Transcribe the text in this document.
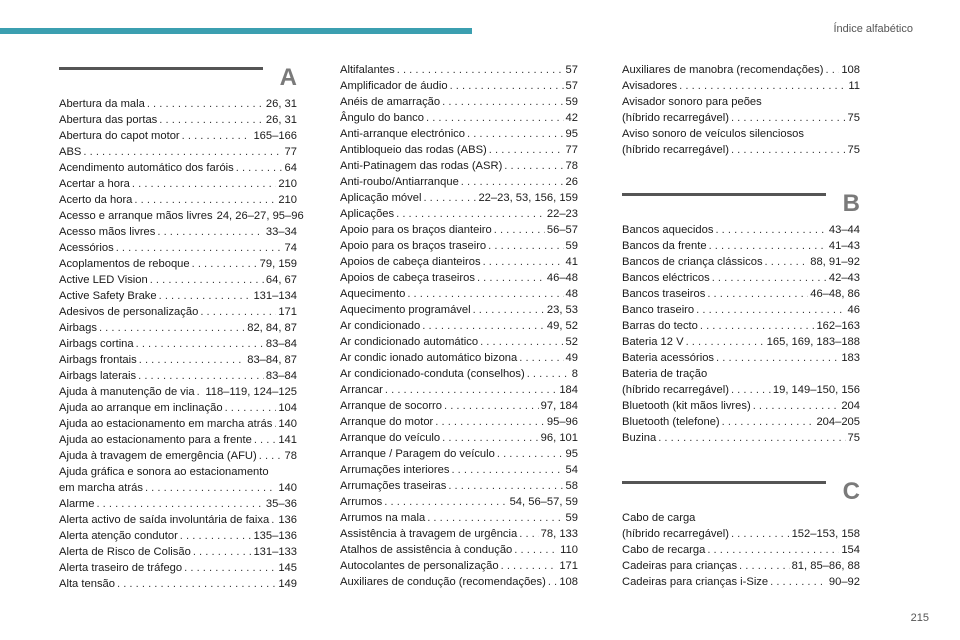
Índice alfabético
A
Abertura da mala . . .	26, 31
Abertura das portas . . .	26, 31
Abertura do capot motor . . .	165–166
ABS . . .	77
Acendimento automático dos faróis . . .	64
Acertar a hora . . .	210
Acerto da hora . . .	210
Acesso e arranque mãos livres 24, 26–27, 95–96
Acesso mãos livres . . .	33–34
Acessórios . . .	74
Acoplamentos de reboque . . .	79, 159
Active LED Vision . . .	64, 67
Active Safety Brake . . .	131–134
Adesivos de personalização . . .	171
Airbags . . .	82, 84, 87
Airbags cortina . . .	83–84
Airbags frontais . . .	83–84, 87
Airbags laterais . . .	83–84
Ajuda à manutenção de via . . . 118–119, 124–125
Ajuda ao arranque em inclinação . . .	104
Ajuda ao estacionamento em marcha atrás . . . 140
Ajuda ao estacionamento para a frente . . . 141
Ajuda à travagem de emergência (AFU) . . . 78
Ajuda gráfica e sonora ao estacionamento
em marcha atrás . . .	140
Alarme . . .	35–36
Alerta activo de saída involuntária de faixa . . . 136
Alerta atenção condutor . . .	135–136
Alerta de Risco de Colisão . . .	131–133
Alerta traseiro de tráfego . . .	145
Alta tensão . . .	149
Altifalantes . . .	57
Amplificador de áudio . . .	57
Anéis de amarração . . .	59
Ângulo do banco . . .	42
Anti-arranque electrónico . . .	95
Antibloqueio das rodas (ABS) . . .	77
Anti-Patinagem das rodas (ASR) . . .	78
Anti-roubo/Antiarranque . . .	26
Aplicação móvel . . .	22–23, 53, 156, 159
Aplicações . . .	22–23
Apoio para os braços dianteiro . . .	56–57
Apoio para os braços traseiro . . .	59
Apoios de cabeça dianteiros . . .	41
Apoios de cabeça traseiros . . .	46–48
Aquecimento . . .	48
Aquecimento programável . . .	23, 53
Ar condicionado . . .	49, 52
Ar condicionado automático . . .	52
Ar condic ionado automático bizona . . .	49
Ar condicionado-conduta (conselhos) . . .	8
Arrancar . . .	184
Arranque de socorro . . .	97, 184
Arranque do motor . . .	95–96
Arranque do veículo . . .	96, 101
Arranque / Paragem do veículo . . .	95
Arrumações interiores . . .	54
Arrumações traseiras . . .	58
Arrumos . . .	54, 56–57, 59
Arrumos na mala . . .	59
Assistência à travagem de urgência . . . 78, 133
Atalhos de assistência à condução . . .	110
Autocolantes de personalização . . .	171
Auxiliares de condução (recomendações) . . . 108
Auxiliares de manobra (recomendações) . . . 108
Avisadores . . .	11
Avisador sonoro para peões
(híbrido recarregável) . . .	75
Aviso sonoro de veículos silenciosos
(híbrido recarregável) . . .	75
B
Bancos aquecidos . . .	43–44
Bancos da frente . . .	41–43
Bancos de criança clássicos . . .	88, 91–92
Bancos eléctricos . . .	42–43
Bancos traseiros . . .	46–48, 86
Banco traseiro . . .	46
Barras do tecto . . .	162–163
Bateria 12 V . . .	165, 169, 183–188
Bateria acessórios . . .	183
Bateria de tração
(híbrido recarregável) . . .	19, 149–150, 156
Bluetooth (kit mãos livres) . . .	204
Bluetooth (telefone) . . .	204–205
Buzina . . .	75
C
Cabo de carga
(híbrido recarregável) . . .	152–153, 158
Cabo de recarga . . .	154
Cadeiras para crianças . . .	81, 85–86, 88
Cadeiras para crianças i-Size . . .	90–92
215
